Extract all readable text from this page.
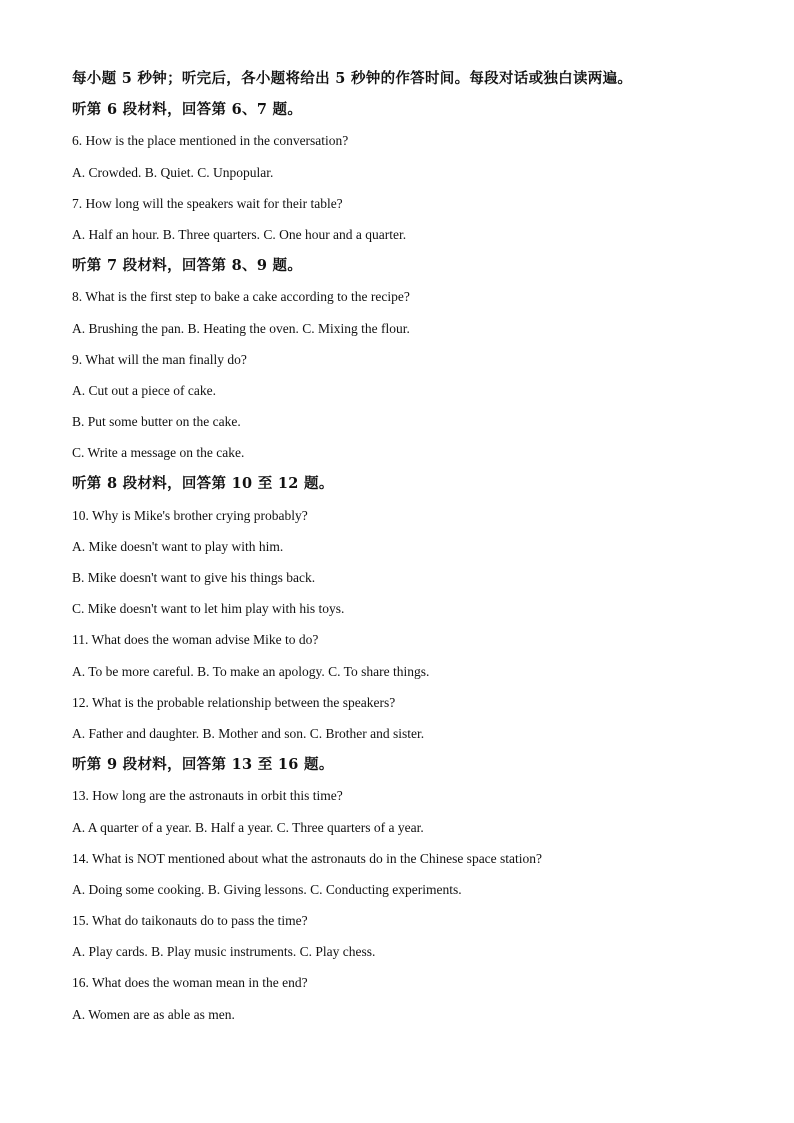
每小题 5 秒钟；听完后，各小题将给出 5 秒钟的作答时间。每段对话或独白读两遍。
听第 6 段材料，回答第 6、7 题。
6. How is the place mentioned in the conversation?
A. Crowded. B. Quiet. C. Unpopular.
7. How long will the speakers wait for their table?
A. Half an hour. B. Three quarters. C. One hour and a quarter.
听第 7 段材料，回答第 8、9 题。
8. What is the first step to bake a cake according to the recipe?
A. Brushing the pan. B. Heating the oven. C. Mixing the flour.
9. What will the man finally do?
A. Cut out a piece of cake.
B. Put some butter on the cake.
C. Write a message on the cake.
听第 8 段材料，回答第 10 至 12 题。
10. Why is Mike's brother crying probably?
A. Mike doesn't want to play with him.
B. Mike doesn't want to give his things back.
C. Mike doesn't want to let him play with his toys.
11. What does the woman advise Mike to do?
A. To be more careful. B. To make an apology. C. To share things.
12. What is the probable relationship between the speakers?
A. Father and daughter. B. Mother and son. C. Brother and sister.
听第 9 段材料，回答第 13 至 16 题。
13. How long are the astronauts in orbit this time?
A. A quarter of a year. B. Half a year. C. Three quarters of a year.
14. What is NOT mentioned about what the astronauts do in the Chinese space station?
A. Doing some cooking. B. Giving lessons. C. Conducting experiments.
15. What do taikonauts do to pass the time?
A. Play cards. B. Play music instruments. C. Play chess.
16. What does the woman mean in the end?
A. Women are as able as men.
